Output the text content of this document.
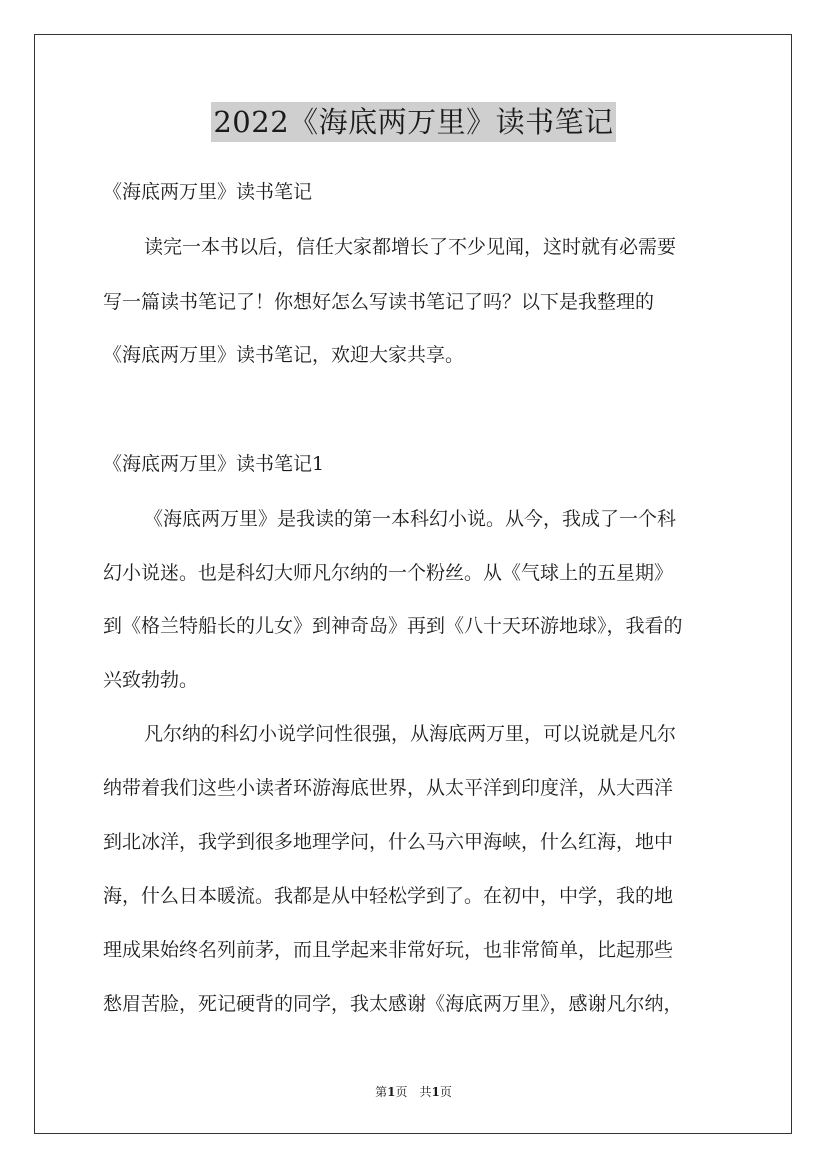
2022《海底两万里》读书笔记
《海底两万里》读书笔记
读完一本书以后，信任大家都增长了不少见闻，这时就有必需要
写一篇读书笔记了！你想好怎么写读书笔记了吗？以下是我整理的
《海底两万里》读书笔记，欢迎大家共享。
《海底两万里》读书笔记1
《海底两万里》是我读的第一本科幻小说。从今，我成了一个科
幻小说迷。也是科幻大师凡尔纳的一个粉丝。从《气球上的五星期》
到《格兰特船长的儿女》到神奇岛》再到《八十天环游地球》，我看的
兴致勃勃。
凡尔纳的科幻小说学问性很强，从海底两万里，可以说就是凡尔
纳带着我们这些小读者环游海底世界，从太平洋到印度洋，从大西洋
到北冰洋，我学到很多地理学问，什么马六甲海峡，什么红海，地中
海，什么日本暖流。我都是从中轻松学到了。在初中，中学，我的地
理成果始终名列前茅，而且学起来非常好玩，也非常简单，比起那些
愁眉苦脸，死记硬背的同学，我太感谢《海底两万里》，感谢凡尔纳，
第1页　共1页
